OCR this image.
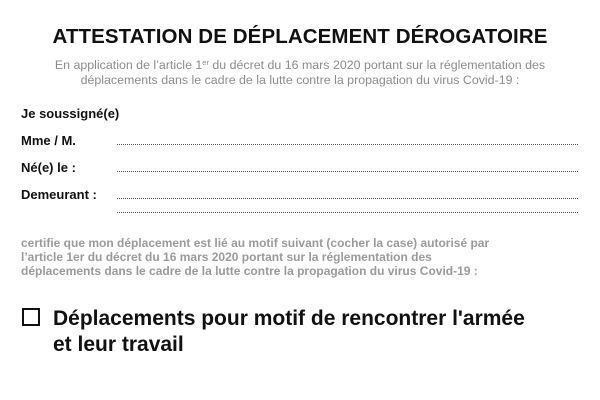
ATTESTATION DE DÉPLACEMENT DÉROGATOIRE
En application de l’article 1er du décret du 16 mars 2020 portant sur la réglementation des
déplacements dans le cadre de la lutte contre la propagation du virus Covid-19 :
Je soussigné(e)
Mme / M.
Né(e) le :
Demeurant :
certifie que mon déplacement est lié au motif suivant (cocher la case) autorisé par
l’article 1er du décret du 16 mars 2020 portant sur la réglementation des
déplacements dans le cadre de la lutte contre la propagation du virus Covid-19 :
Déplacements pour motif de rencontrer l'armée
et leur travail
